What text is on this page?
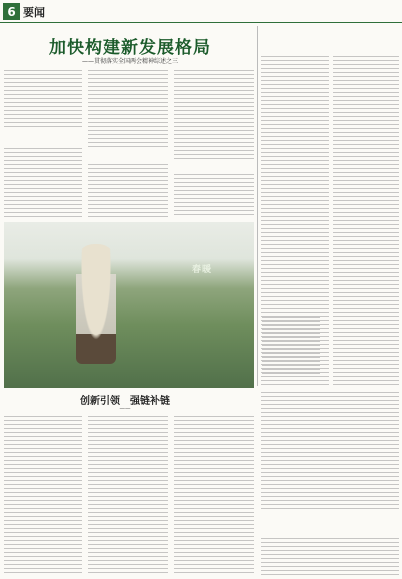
6 要闻
加快构建新发展格局
——贯彻落实全国两会精神综述之三
春暖
创新引领　强链补链
——
